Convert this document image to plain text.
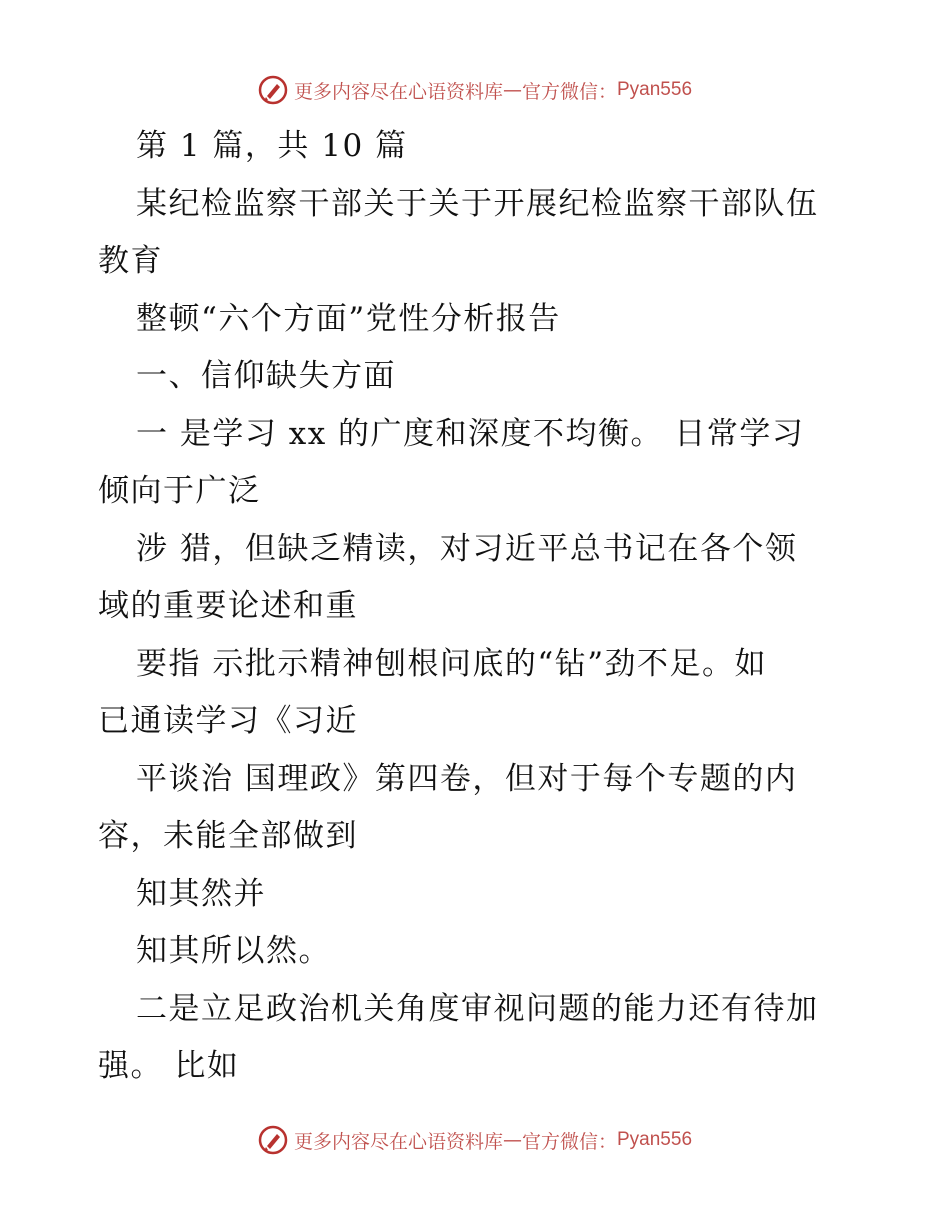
更多内容尽在心语资料库 — 官方微信： Pyan556
第 1 篇，共 10 篇
某纪检监察干部关于关于开展纪检监察干部队伍
教育
整顿“六个方面”党性分析报告
一、信仰缺失方面
一 是学习 xx 的广度和深度不均衡。 日常学习
倾向于广泛
涉 猎，但缺乏精读，对习近平总书记在各个领
域的重要论述和重
要指 示批示精神刨根问底的“钻”劲不足。如
已通读学习《习近
平谈治 国理政》第四卷，但对于每个专题的内
容，未能全部做到
知其然并
知其所以然。
二是立足政治机关角度审视问题的能力还有待加
强。 比如
更多内容尽在心语资料库 — 官方微信： Pyan556
